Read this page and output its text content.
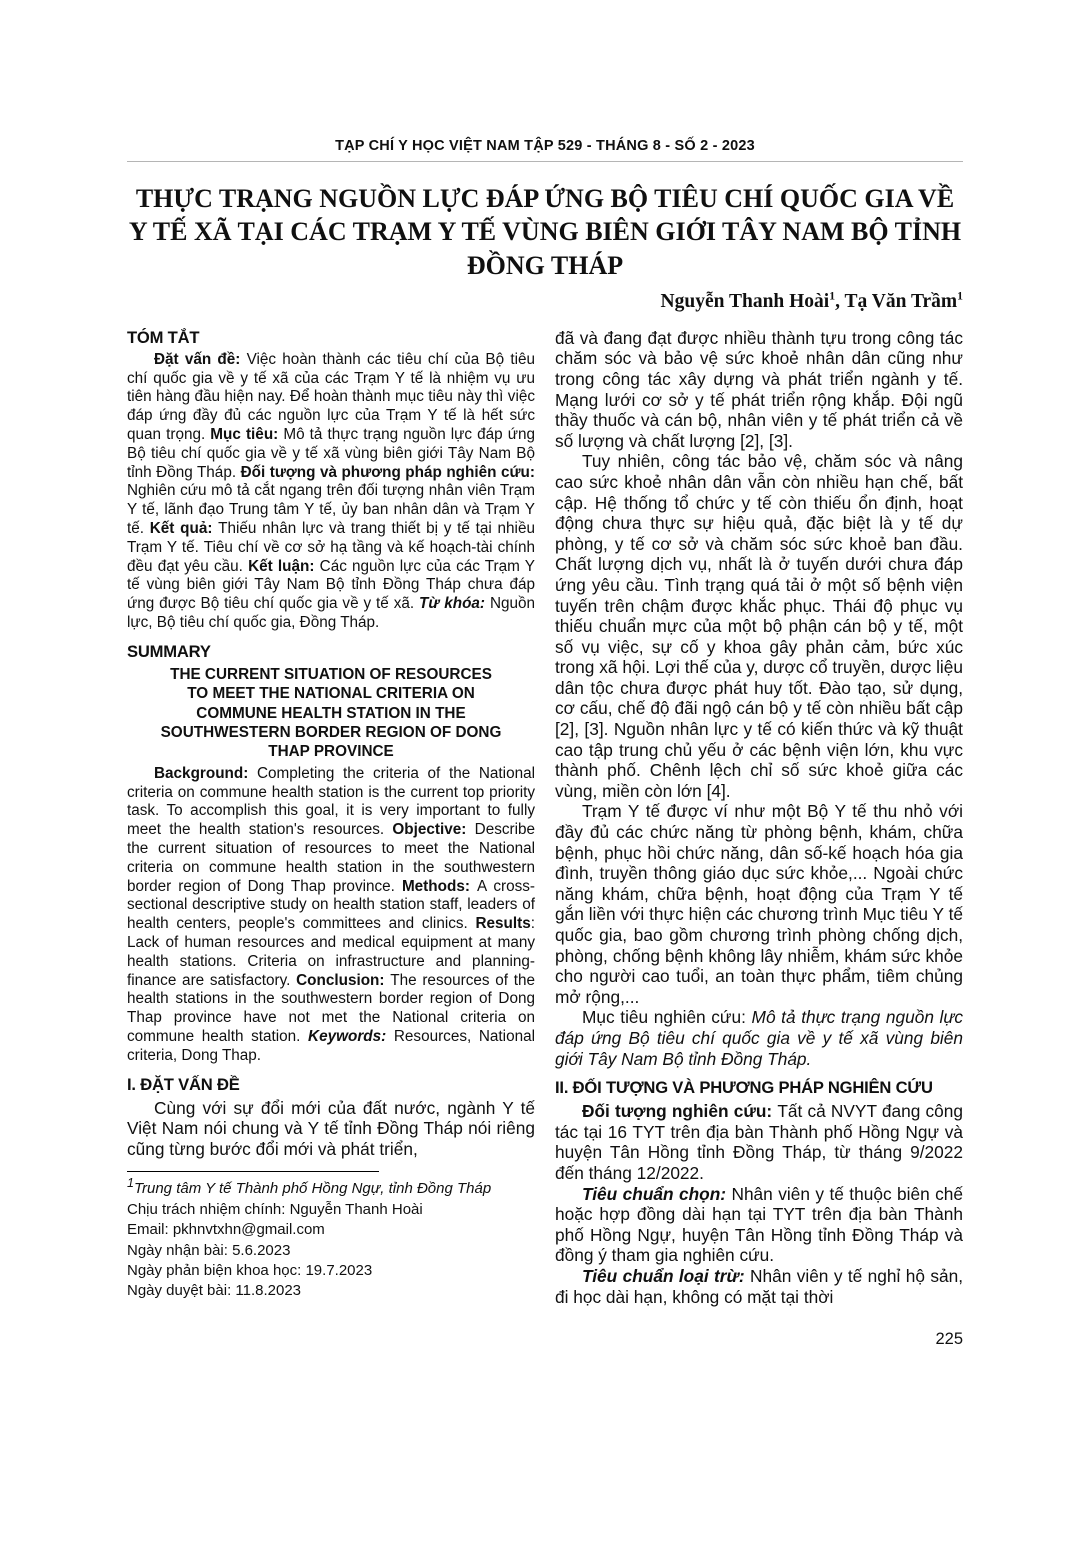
TẠP CHÍ Y HỌC VIỆT NAM TẬP 529 - THÁNG 8 - SỐ 2 - 2023
THỰC TRẠNG NGUỒN LỰC ĐÁP ỨNG BỘ TIÊU CHÍ QUỐC GIA VỀ Y TẾ XÃ TẠI CÁC TRẠM Y TẾ VÙNG BIÊN GIỚI TÂY NAM BỘ TỈNH ĐỒNG THÁP
Nguyễn Thanh Hoài$^1$, Tạ Văn Trầm$^1$
TÓM TẮT

Đặt vấn đề: Việc hoàn thành các tiêu chí của Bộ tiêu chí quốc gia về y tế xã của các Trạm Y tế là nhiệm vụ ưu tiên hàng đầu hiện nay. Để hoàn thành mục tiêu này thì việc đáp ứng đầy đủ các nguồn lực của Trạm Y tế là hết sức quan trọng. Mục tiêu: Mô tả thực trạng nguồn lực đáp ứng Bộ tiêu chí quốc gia về y tế xã vùng biên giới Tây Nam Bộ tỉnh Đồng Tháp. Đối tượng và phương pháp nghiên cứu: Nghiên cứu mô tả cắt ngang trên đối tượng nhân viên Trạm Y tế, lãnh đạo Trung tâm Y tế, ủy ban nhân dân và Trạm Y tế. Kết quả: Thiếu nhân lực và trang thiết bị y tế tại nhiều Trạm Y tế. Tiêu chí về cơ sở hạ tầng và kế hoạch-tài chính đều đạt yêu cầu. Kết luận: Các nguồn lực của các Trạm Y tế vùng biên giới Tây Nam Bộ tỉnh Đồng Tháp chưa đáp ứng được Bộ tiêu chí quốc gia về y tế xã. Từ khóa: Nguồn lực, Bộ tiêu chí quốc gia, Đồng Tháp.

SUMMARY
THE CURRENT SITUATION OF RESOURCES TO MEET THE NATIONAL CRITERIA ON COMMUNE HEALTH STATION IN THE SOUTHWESTERN BORDER REGION OF DONG THAP PROVINCE

Background: Completing the criteria of the National criteria on commune health station is the current top priority task. To accomplish this goal, it is very important to fully meet the health station's resources. Objective: Describe the current situation of resources to meet the National criteria on commune health station in the southwestern border region of Dong Thap province. Methods: A cross-sectional descriptive study on health station staff, leaders of health centers, people's committees and clinics. Results: Lack of human resources and medical equipment at many health stations. Criteria on infrastructure and planning-finance are satisfactory. Conclusion: The resources of the health stations in the southwestern border region of Dong Thap province have not met the National criteria on commune health station. Keywords: Resources, National criteria, Dong Thap.

I. ĐẶT VẤN ĐỀ

Cùng với sự đổi mới của đất nước, ngành Y tế Việt Nam nói chung và Y tế tỉnh Đồng Tháp nói riêng cũng từng bước đổi mới và phát triển,

$^1$Trung tâm Y tế Thành phố Hồng Ngự, tỉnh Đồng Tháp
Chịu trách nhiệm chính: Nguyễn Thanh Hoài
Email: pkhnvtxhn@gmail.com
Ngày nhận bài: 5.6.2023
Ngày phản biện khoa học: 19.7.2023
Ngày duyệt bài: 11.8.2023

đã và đang đạt được nhiều thành tựu trong công tác chăm sóc và bảo vệ sức khoẻ nhân dân cũng như trong công tác xây dựng và phát triển ngành y tế. Mạng lưới cơ sở y tế phát triển rộng khắp. Đội ngũ thầy thuốc và cán bộ, nhân viên y tế phát triển cả về số lượng và chất lượng [2], [3].

Tuy nhiên, công tác bảo vệ, chăm sóc và nâng cao sức khoẻ nhân dân vẫn còn nhiều hạn chế, bất cập. Hệ thống tổ chức y tế còn thiếu ổn định, hoạt động chưa thực sự hiệu quả, đặc biệt là y tế dự phòng, y tế cơ sở và chăm sóc sức khoẻ ban đầu. Chất lượng dịch vụ, nhất là ở tuyến dưới chưa đáp ứng yêu cầu. Tình trạng quá tải ở một số bệnh viện tuyến trên chậm được khắc phục. Thái độ phục vụ thiếu chuẩn mực của một bộ phận cán bộ y tế, một số vụ việc, sự cố y khoa gây phản cảm, bức xúc trong xã hội. Lợi thế của y, dược cổ truyền, dược liệu dân tộc chưa được phát huy tốt. Đào tạo, sử dụng, cơ cấu, chế độ đãi ngộ cán bộ y tế còn nhiều bất cập [2], [3]. Nguồn nhân lực y tế có kiến thức và kỹ thuật cao tập trung chủ yếu ở các bệnh viện lớn, khu vực thành phố. Chênh lệch chỉ số sức khoẻ giữa các vùng, miền còn lớn [4].

Trạm Y tế được ví như một Bộ Y tế thu nhỏ với đầy đủ các chức năng từ phòng bệnh, khám, chữa bệnh, phục hồi chức năng, dân số-kế hoạch hóa gia đình, truyền thông giáo dục sức khỏe,... Ngoài chức năng khám, chữa bệnh, hoạt động của Trạm Y tế gắn liền với thực hiện các chương trình Mục tiêu Y tế quốc gia, bao gồm chương trình phòng chống dịch, phòng, chống bệnh không lây nhiễm, khám sức khỏe cho người cao tuổi, an toàn thực phẩm, tiêm chủng mở rộng,...

Mục tiêu nghiên cứu: Mô tả thực trạng nguồn lực đáp ứng Bộ tiêu chí quốc gia về y tế xã vùng biên giới Tây Nam Bộ tỉnh Đồng Tháp.

II. ĐỐI TƯỢNG VÀ PHƯƠNG PHÁP NGHIÊN CỨU

Đối tượng nghiên cứu: Tất cả NVYT đang công tác tại 16 TYT trên địa bàn Thành phố Hồng Ngự và huyện Tân Hồng tỉnh Đồng Tháp, từ tháng 9/2022 đến tháng 12/2022.

Tiêu chuẩn chọn: Nhân viên y tế thuộc biên chế hoặc hợp đồng dài hạn tại TYT trên địa bàn Thành phố Hồng Ngự, huyện Tân Hồng tỉnh Đồng Tháp và đồng ý tham gia nghiên cứu.

Tiêu chuẩn loại trừ: Nhân viên y tế nghỉ hộ sản, đi học dài hạn, không có mặt tại thời

225
